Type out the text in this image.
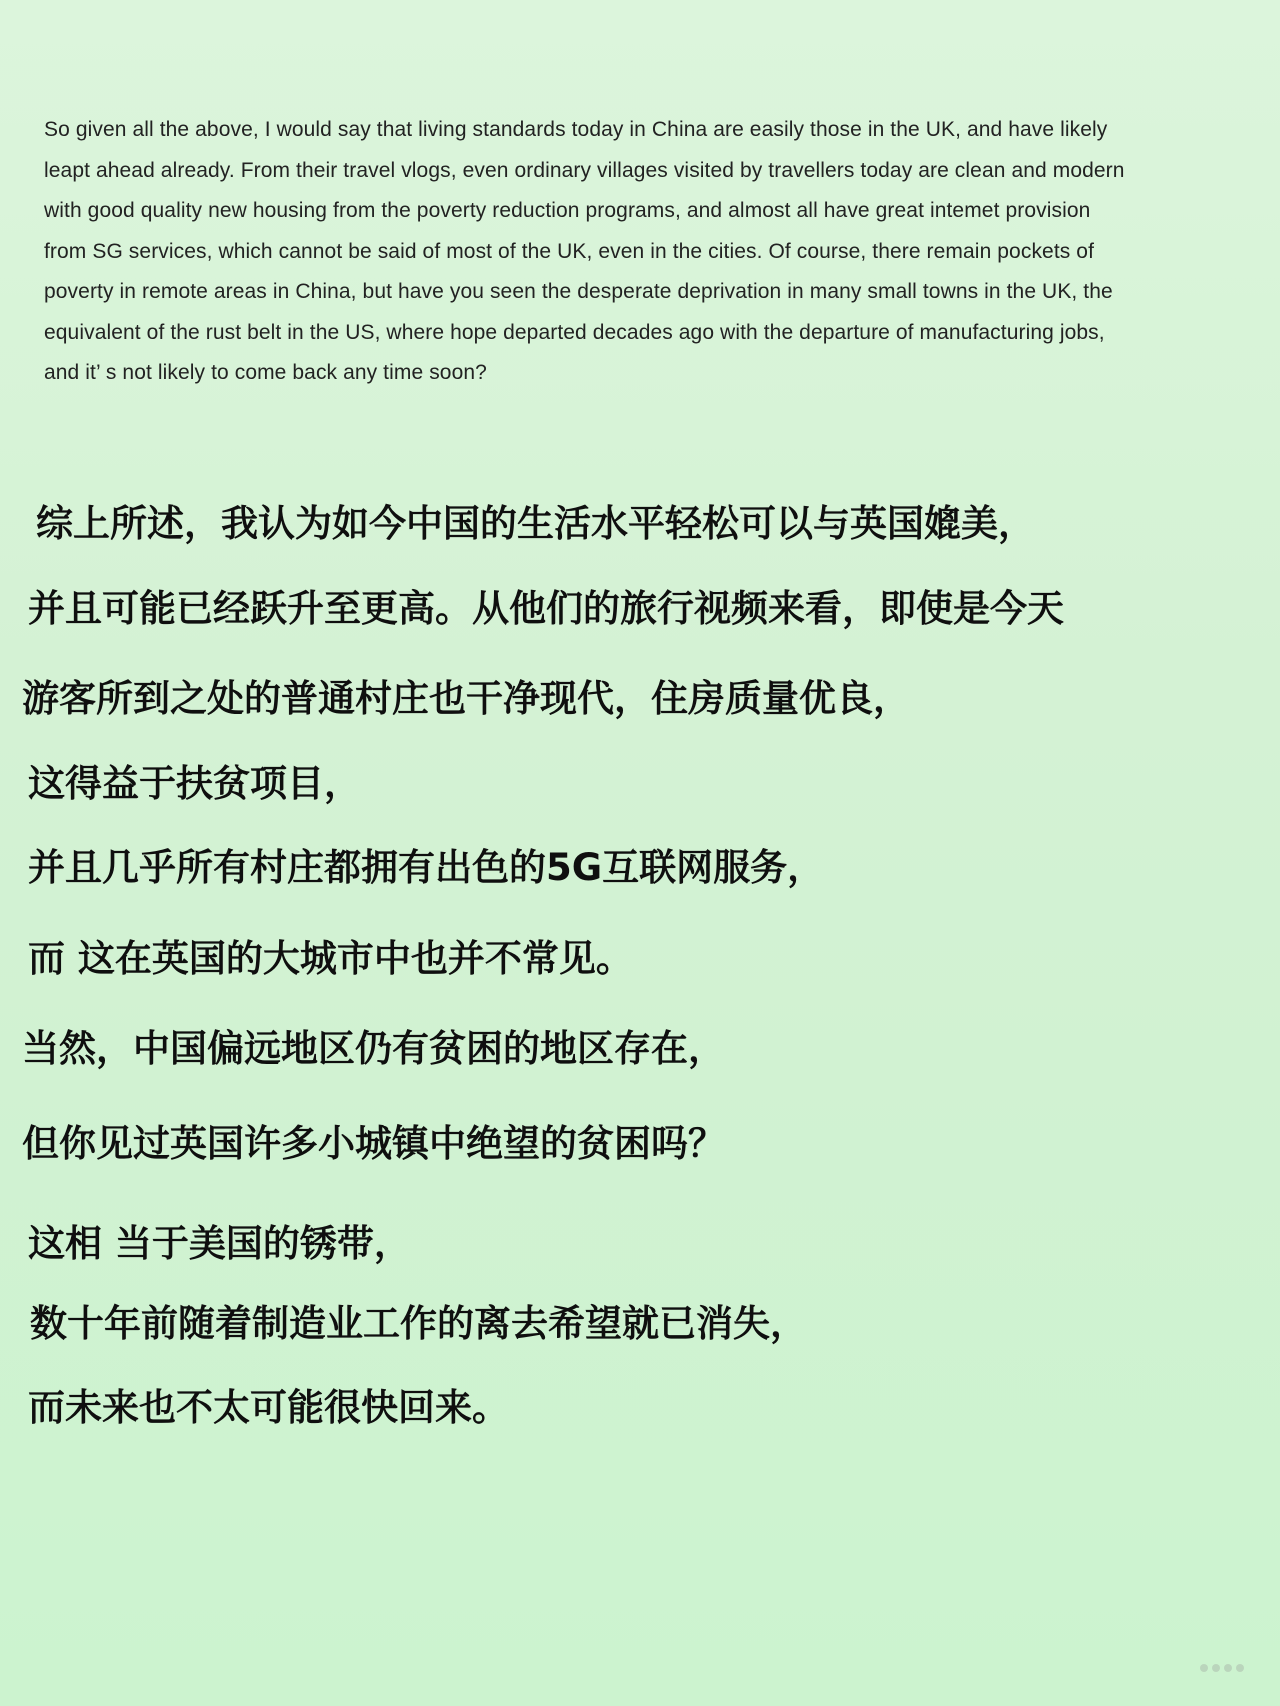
So given all the above, I would say that living standards today in China are easily those in the UK, and have likely
leapt ahead already. From their travel vlogs, even ordinary villages visited by travellers today are clean and modern
with good quality new housing from the poverty reduction programs, and almost all have great intemet provision
from SG services, which cannot be said of most of the UK, even in the cities. Of course, there remain pockets of
poverty in remote areas in China, but have you seen the desperate deprivation in many small towns in the UK, the
equivalent of the rust belt in the US, where hope departed decades ago with the departure of manufacturing jobs,
and it’ s not likely to come back any time soon?
综上所述，我认为如今中国的生活水平轻松可以与英国媲美，
并且可能已经跃升至更高。从他们的旅行视频来看，即使是今天
游客所到之处的普通村庄也干净现代，住房质量优良，
这得益于扶贫项目，
并且几乎所有村庄都拥有出色的5G互联网服务，
而 这在英国的大城市中也并不常见。
当然，中国偏远地区仍有贫困的地区存在，
但你见过英国许多小城镇中绝望的贫困吗？
这相 当于美国的锈带，
数十年前随着制造业工作的离去希望就已消失，
而未来也不太可能很快回来。
